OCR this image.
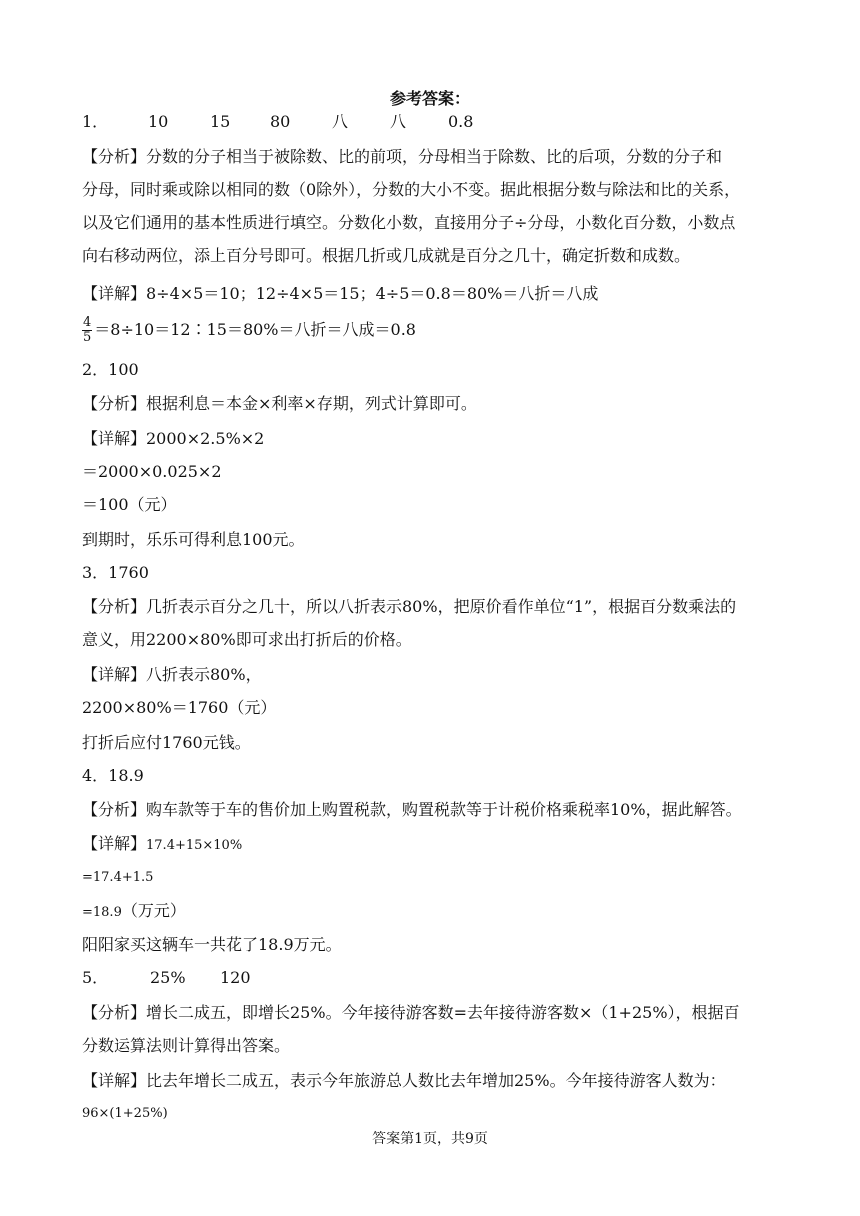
参考答案：
1． 10	15 80	八	八	0.8
【分析】分数的分子相当于被除数、比的前项，分母相当于除数、比的后项，分数的分子和
分母，同时乘或除以相同的数（0除外），分数的大小不变。据此根据分数与除法和比的关系，
以及它们通用的基本性质进行填空。分数化小数，直接用分子÷分母，小数化百分数，小数点
向右移动两位，添上百分号即可。根据几折或几成就是百分之几十，确定折数和成数。
【详解】8÷4×5＝10；12÷4×5＝15；4÷5＝0.8＝80%＝八折＝八成
$\frac{4}{5}$ ＝8÷10＝12∶15＝80%＝八折＝八成＝0.8
2．100
【分析】根据利息＝本金×利率×存期，列式计算即可。
【详解】2000×2.5%×2
＝2000×0.025×2
＝100（元）
到期时，乐乐可得利息100元。
3．1760
【分析】几折表示百分之几十，所以八折表示80%，把原价看作单位“1”，根据百分数乘法的
意义，用2200×80%即可求出打折后的价格。
【详解】八折表示80%，
2200×80%＝1760（元）
打折后应付1760元钱。
4．18.9
【分析】购车款等于车的售价加上购置税款，购置税款等于计税价格乘税率10%，据此解答。
【详解】17.4+15×10%
=17.4+1.5
=18.9（万元）
阳阳家买这辆车一共花了18.9万元。
5．	25% 120
【分析】增长二成五，即增长25%。今年接待游客数=去年接待游客数×（1+25%），根据百
分数运算法则计算得出答案。
【详解】比去年增长二成五，表示今年旅游总人数比去年增加25%。今年接待游客人数为：
96×(1+25%)
答案第1页，共9页
